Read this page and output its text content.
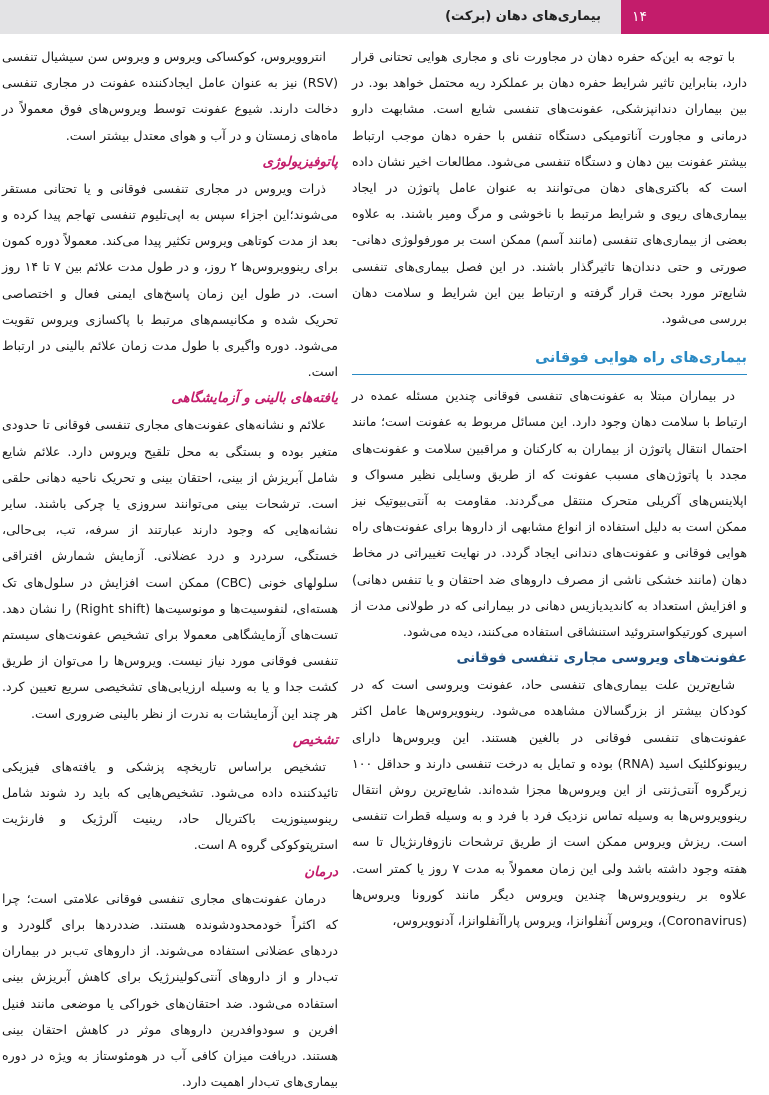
۱۴
بیماری‌های دهان (برکت)

با توجه به این‌که حفره دهان در مجاورت نای و مجاری هوایی تحتانی قرار دارد، بنابراین تاثیر شرایط حفره دهان بر عملکرد ریه محتمل خواهد بود. در بین بیماران دندانپزشکی، عفونت‌های تنفسی شایع است. مشابهت دارو درمانی و مجاورت آناتومیکی دستگاه تنفس با حفره دهان موجب ارتباط بیشتر عفونت بین دهان و دستگاه تنفسی می‌شود. مطالعات اخیر نشان داده است که باکتری‌های دهان می‌توانند به عنوان عامل پاتوژن در ایجاد بیماری‌های ریوی و شرایط مرتبط با ناخوشی و مرگ ومیر باشند. به علاوه بعضی از بیماری‌های تنفسی (مانند آسم) ممکن است بر مورفولوژی دهانی- صورتی و حتی دندان‌ها تاثیرگذار باشند. در این فصل بیماری‌های تنفسی شایع‌تر مورد بحث قرار گرفته و ارتباط بین این شرایط و سلامت دهان بررسی می‌شود.

بیماری‌های راه هوایی فوقانی

در بیماران مبتلا به عفونت‌های تنفسی فوقانی چندین مسئله عمده در ارتباط با سلامت دهان وجود دارد. این مسائل مربوط به عفونت است؛ مانند احتمال انتقال پاتوژن از بیماران به کارکنان و مراقبین سلامت و عفونت‌های مجدد با پاتوژن‌های مسبب عفونت که از طریق وسایلی نظیر مسواک و اپلاینس‌های آکریلی متحرک منتقل می‌گردند. مقاومت به آنتی‌بیوتیک نیز ممکن است به دلیل استفاده از انواع مشابهی از داروها برای عفونت‌های راه هوایی فوقانی و عفونت‌های دندانی ایجاد گردد. در نهایت تغییراتی در مخاط دهان (مانند خشکی ناشی از مصرف داروهای ضد احتقان و یا تنفس دهانی) و افزایش استعداد به کاندیدیازیس دهانی در بیمارانی که در طولانی مدت از اسپری کورتیکواستروئید استنشاقی استفاده می‌کنند، دیده می‌شود.

عفونت‌های ویروسی مجاری تنفسی فوقانی

شایع‌ترین علت بیماری‌های تنفسی حاد، عفونت ویروسی است که در کودکان بیشتر از بزرگسالان مشاهده می‌شود. رینوویروس‌ها عامل اکثر عفونت‌های تنفسی فوقانی در بالغین هستند. این ویروس‌ها دارای ریبونوکلئیک اسید (RNA) بوده و تمایل به درخت تنفسی دارند و حداقل ۱۰۰ زیرگروه آنتی‌ژنتی از این ویروس‌ها مجزا شده‌اند. شایع‌ترین روش انتقال رینوویروس‌ها به وسیله تماس نزدیک فرد با فرد و به وسیله قطرات تنفسی است. ریزش ویروس ممکن است از طریق ترشحات نازوفارنژیال تا سه هفته وجود داشته باشد ولی این زمان معمولاً به مدت ۷ روز یا کمتر است. علاوه بر رینوویروس‌ها چندین ویروس دیگر مانند کورونا ویروس‌ها (Coronavirus)، ویروس آنفلوانزا، ویروس پاراآنفلوانزا، آدنوویروس،

انتروویروس، کوکساکی ویروس و ویروس سن سیشیال تنفسی (RSV) نیز به عنوان عامل ایجادکننده عفونت در مجاری تنفسی دخالت دارند. شیوع عفونت توسط ویروس‌های فوق معمولاً در ماه‌های زمستان و در آب و هوای معتدل بیشتر است.

پاتوفیزیولوژی

ذرات ویروس در مجاری تنفسی فوقانی و یا تحتانی مستقر می‌شوند؛این اجزاء سپس به اپی‌تلیوم تنفسی تهاجم پیدا کرده و بعد از مدت کوتاهی ویروس تکثیر پیدا می‌کند. معمولاً دوره کمون برای رینوویروس‌ها ۲ روز، و در طول مدت علائم بین ۷ تا ۱۴ روز است. در طول این زمان پاسخ‌های ایمنی فعال و اختصاصی تحریک شده و مکانیسم‌های مرتبط با پاکسازی ویروس تقویت می‌شود. دوره واگیری با طول مدت زمان علائم بالینی در ارتباط است.

یافته‌های بالینی و آزمایشگاهی

علائم و نشانه‌های عفونت‌های مجاری تنفسی فوقانی تا حدودی متغیر بوده و بستگی به محل تلقیح ویروس دارد. علائم شایع شامل آبریزش از بینی، احتقان بینی و تحریک ناحیه دهانی حلقی است. ترشحات بینی می‌توانند سروزی یا چرکی باشند. سایر نشانه‌هایی که وجود دارند عبارتند از سرفه، تب، بی‌حالی، خستگی، سردرد و درد عضلانی. آزمایش شمارش افتراقی سلولهای خونی (CBC) ممکن است افزایش در سلول‌های تک هسته‌ای، لنفوسیت‌ها و مونوسیت‌ها (Right shift) را نشان دهد. تست‌های آزمایشگاهی معمولا برای تشخیص عفونت‌های سیستم تنفسی فوقانی مورد نیاز نیست. ویروس‌ها را می‌توان از طریق کشت جدا و یا به وسیله ارزیابی‌های تشخیصی سریع تعیین کرد. هر چند این آزمایشات به ندرت از نظر بالینی ضروری است.

تشخیص

تشخیص براساس تاریخچه پزشکی و یافته‌های فیزیکی تائیدکننده داده می‌شود. تشخیص‌هایی که باید رد شوند شامل رینوسینوزیت باکتریال حاد، رینیت آلرژیک و فارنژیت استرپتوکوکی گروه A است.

درمان

درمان عفونت‌های مجاری تنفسی فوقانی علامتی است؛ چرا که اکثراً خودمحدودشونده هستند. ضددردها برای گلودرد و دردهای عضلانی استفاده می‌شوند. از داروهای تب‌بر در بیماران تب‌دار و از داروهای آنتی‌کولینرژیک برای کاهش آبریزش بینی استفاده می‌شود. ضد احتقان‌های خوراکی یا موضعی مانند فنیل افرین و سودوافدرین داروهای موثر در کاهش احتقان بینی هستند. دریافت میزان کافی آب در هومئوستاز به ویژه در دوره بیماری‌های تب‌دار اهمیت دارد.
